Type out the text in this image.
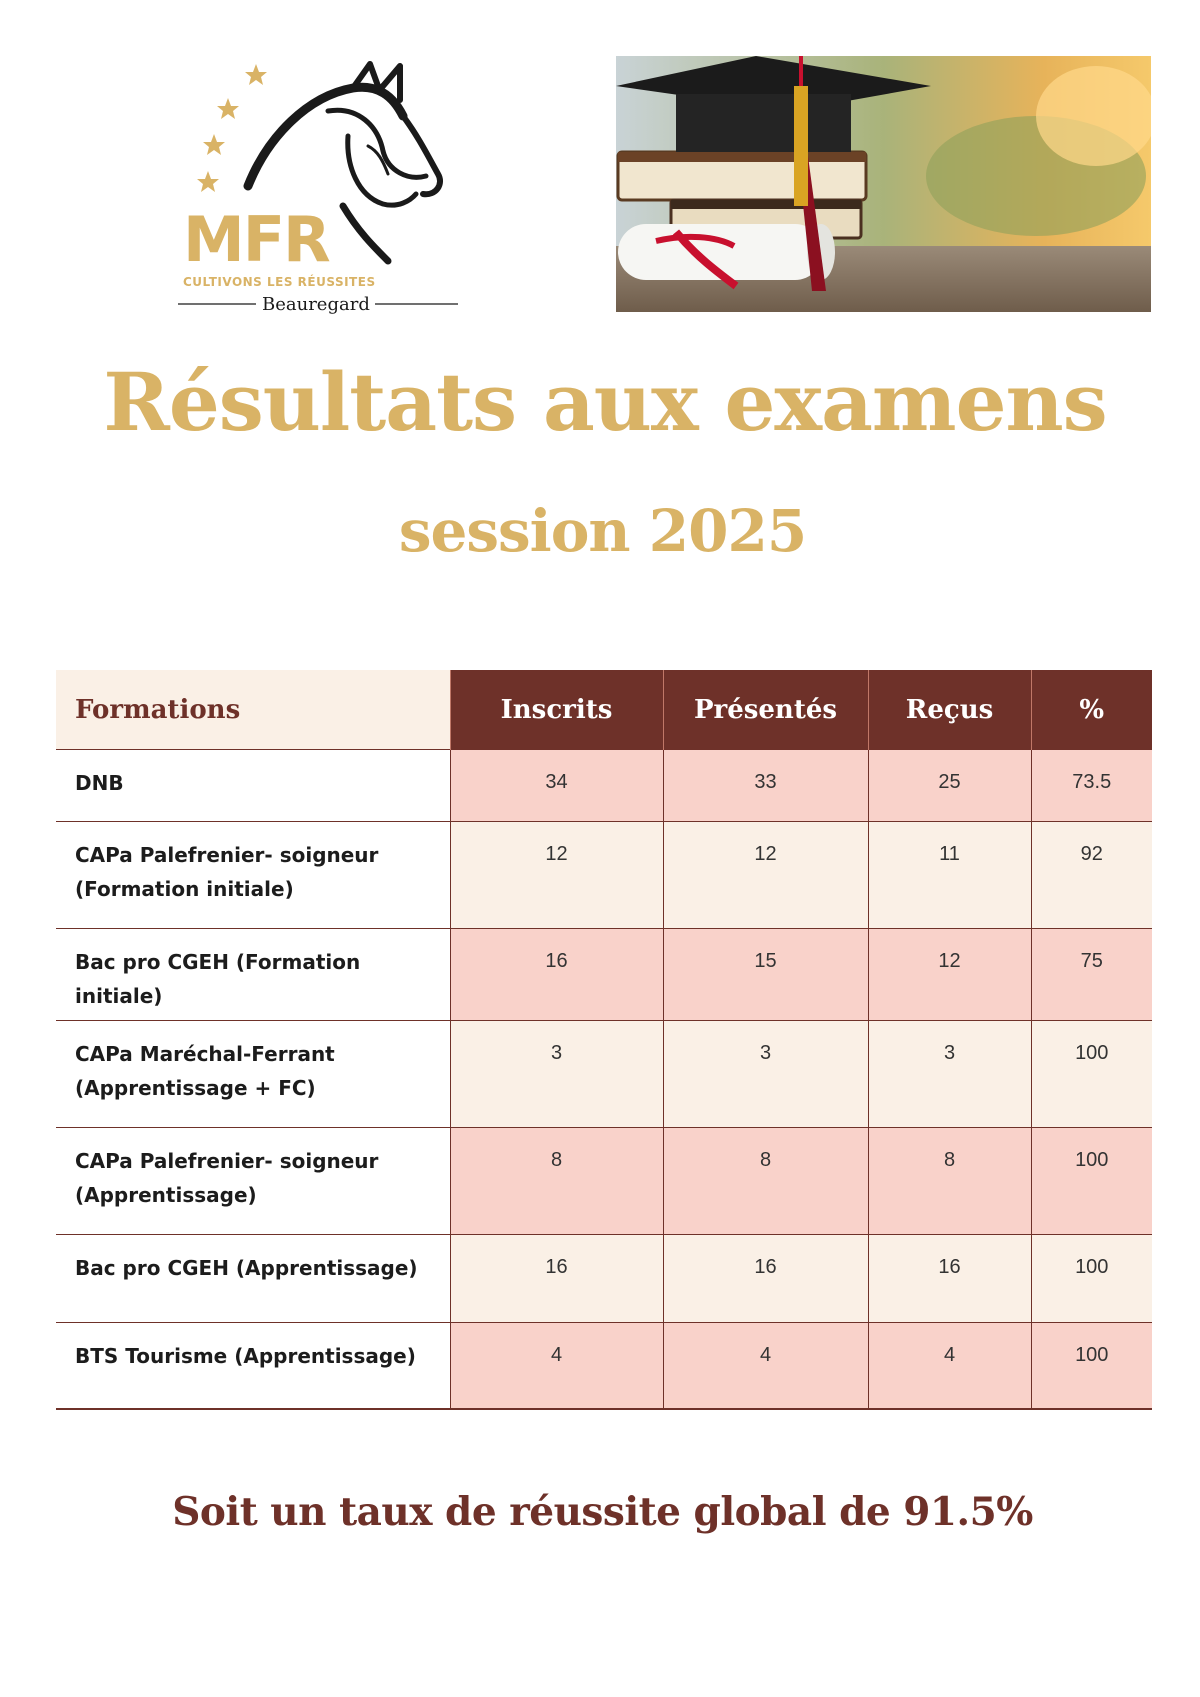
MFR
CULTIVONS LES RÉUSSITES
Beauregard
Résultats aux examens
session 2025
Formations	Inscrits	Présentés	Reçus	%
DNB	34	33	25	73.5
CAPa Palefrenier- soigneur
(Formation initiale)	12	12	11	92
Bac pro CGEH (Formation initiale)	16	15	12	75
CAPa Maréchal-Ferrant
(Apprentissage + FC)	3	3	3	100
CAPa Palefrenier- soigneur
(Apprentissage)	8	8	8	100
Bac pro CGEH (Apprentissage)	16	16	16	100
BTS Tourisme (Apprentissage)	4	4	4	100

Soit un taux de réussite global de 91.5%
